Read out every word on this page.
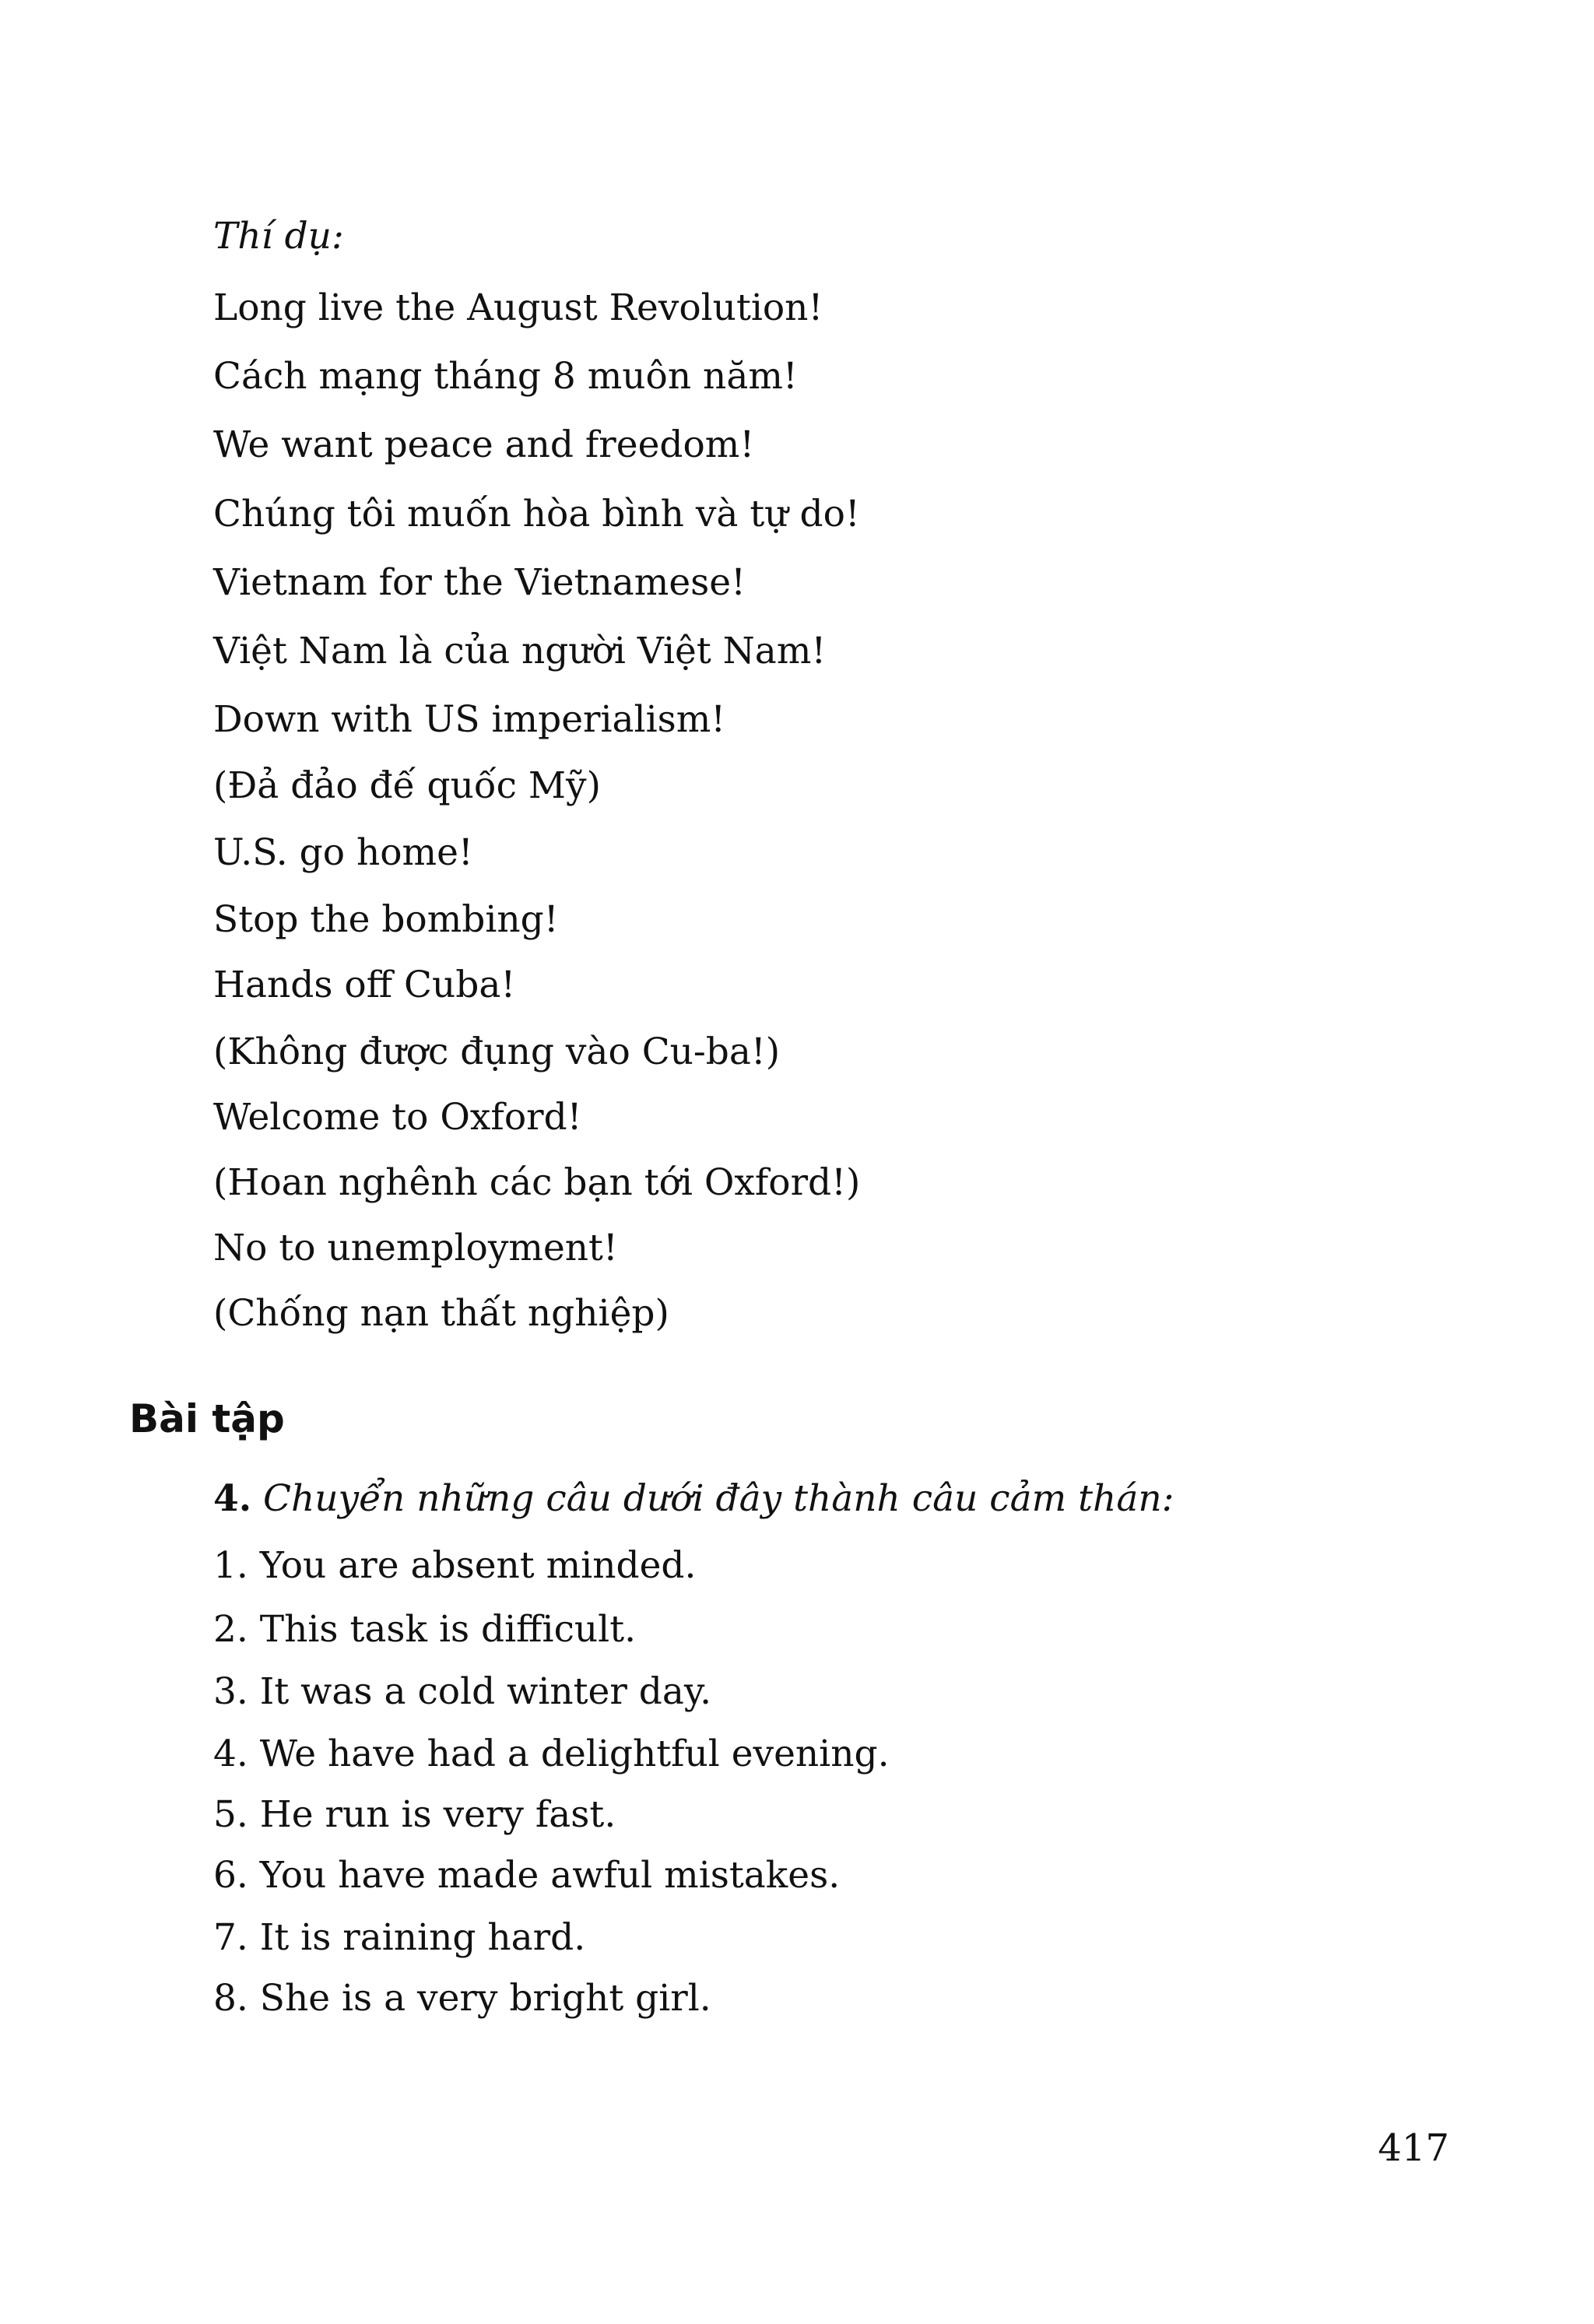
Thí dụ:
Long live the August Revolution!
Cách mạng tháng 8 muôn năm!
We want peace and freedom!
Chúng tôi muốn hòa bình và tự do!
Vietnam for the Vietnamese!
Việt Nam là của người Việt Nam!
Down with US imperialism!
(Đả đảo đế quốc Mỹ)
U.S. go home!
Stop the bombing!
Hands off Cuba!
(Không được đụng vào Cu-ba!)
Welcome to Oxford!
(Hoan nghênh các bạn tới Oxford!)
No to unemployment!
(Chống nạn thất nghiệp)
Bài tập
4. Chuyển những câu dưới đây thành câu cảm thán:
1. You are absent minded.
2. This task is difficult.
3. It was a cold winter day.
4. We have had a delightful evening.
5. He run is very fast.
6. You have made awful mistakes.
7. It is raining hard.
8. She is a very bright girl.
417
